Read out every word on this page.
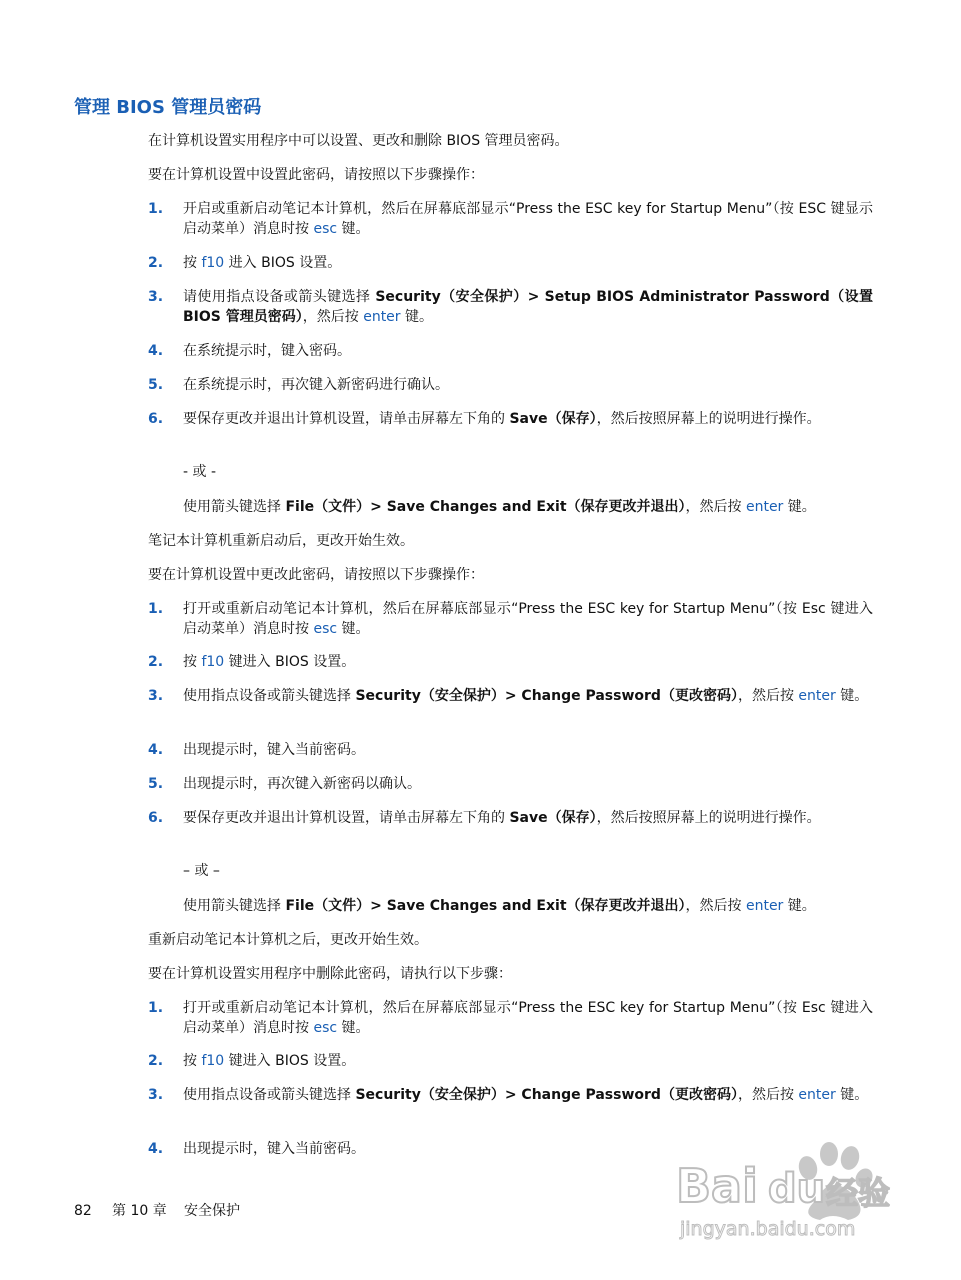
管理 BIOS 管理员密码
在计算机设置实用程序中可以设置、更改和删除 BIOS 管理员密码。
要在计算机设置中设置此密码，请按照以下步骤操作：
1. 开启或重新启动笔记本计算机，然后在屏幕底部显示“Press the ESC key for Startup Menu”（按 ESC 键显示启动菜单）消息时按 esc 键。
2. 按 f10 进入 BIOS 设置。
3. 请使用指点设备或箭头键选择 Security（安全保护）> Setup BIOS Administrator Password（设置 BIOS 管理员密码），然后按 enter 键。
4. 在系统提示时，键入密码。
5. 在系统提示时，再次键入新密码进行确认。
6. 要保存更改并退出计算机设置，请单击屏幕左下角的 Save（保存），然后按照屏幕上的说明进行操作。
- 或 -
使用箭头键选择 File（文件）> Save Changes and Exit（保存更改并退出），然后按 enter 键。
笔记本计算机重新启动后，更改开始生效。
要在计算机设置中更改此密码，请按照以下步骤操作：
1. 打开或重新启动笔记本计算机，然后在屏幕底部显示“Press the ESC key for Startup Menu”（按 Esc 键进入启动菜单）消息时按 esc 键。
2. 按 f10 键进入 BIOS 设置。
3. 使用指点设备或箭头键选择 Security（安全保护）> Change Password（更改密码），然后按 enter 键。
4. 出现提示时，键入当前密码。
5. 出现提示时，再次键入新密码以确认。
6. 要保存更改并退出计算机设置，请单击屏幕左下角的 Save（保存），然后按照屏幕上的说明进行操作。
– 或 –
使用箭头键选择 File（文件）> Save Changes and Exit（保存更改并退出），然后按 enter 键。
重新启动笔记本计算机之后，更改开始生效。
要在计算机设置实用程序中删除此密码，请执行以下步骤：
1. 打开或重新启动笔记本计算机，然后在屏幕底部显示“Press the ESC key for Startup Menu”（按 Esc 键进入启动菜单）消息时按 esc 键。
2. 按 f10 键进入 BIOS 设置。
3. 使用指点设备或箭头键选择 Security（安全保护）> Change Password（更改密码），然后按 enter 键。
4. 出现提示时，键入当前密码。
82 第 10 章 安全保护	Bai du 经验
jingyan.baidu.com
